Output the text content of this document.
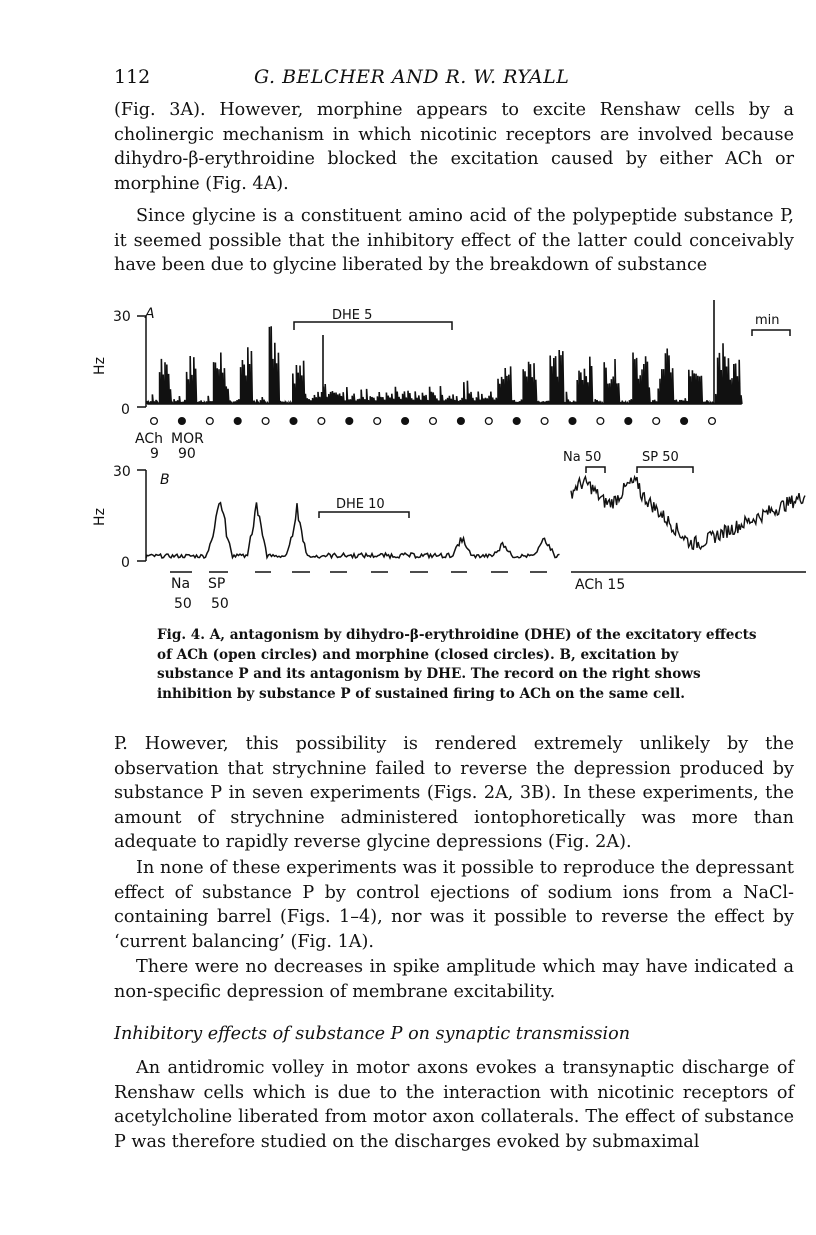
112	G. BELCHER AND R. W. RYALL

(Fig. 3A). However, morphine appears to excite Renshaw cells by a cholinergic mechanism in which nicotinic receptors are involved because dihydro-β-erythroidine blocked the excitation caused by either ACh or morphine (Fig. 4A).

Since glycine is a constituent amino acid of the polypeptide substance P, it seemed possible that the inhibitory effect of the latter could conceivably have been due to glycine liberated by the breakdown of substance

A
30
0
Hz
DHE 5	min
ACh MOR
9 90
B
30
0
Hz
DHE 10
Na SP
50 50
Na 50	SP 50
ACh 15

Fig. 4. A, antagonism by dihydro-β-erythroidine (DHE) of the excitatory effects of ACh (open circles) and morphine (closed circles). B, excitation by substance P and its antagonism by DHE. The record on the right shows inhibition by substance P of sustained firing to ACh on the same cell.

P. However, this possibility is rendered extremely unlikely by the observation that strychnine failed to reverse the depression produced by substance P in seven experiments (Figs. 2A, 3B). In these experiments, the amount of strychnine administered iontophoretically was more than adequate to rapidly reverse glycine depressions (Fig. 2A).

In none of these experiments was it possible to reproduce the depressant effect of substance P by control ejections of sodium ions from a NaCl-containing barrel (Figs. 1–4), nor was it possible to reverse the effect by ‘current balancing’ (Fig. 1A).

There were no decreases in spike amplitude which may have indicated a non-specific depression of membrane excitability.

Inhibitory effects of substance P on synaptic transmission

An antidromic volley in motor axons evokes a transynaptic discharge of Renshaw cells which is due to the interaction with nicotinic receptors of acetylcholine liberated from motor axon collaterals. The effect of substance P was therefore studied on the discharges evoked by submaximal
